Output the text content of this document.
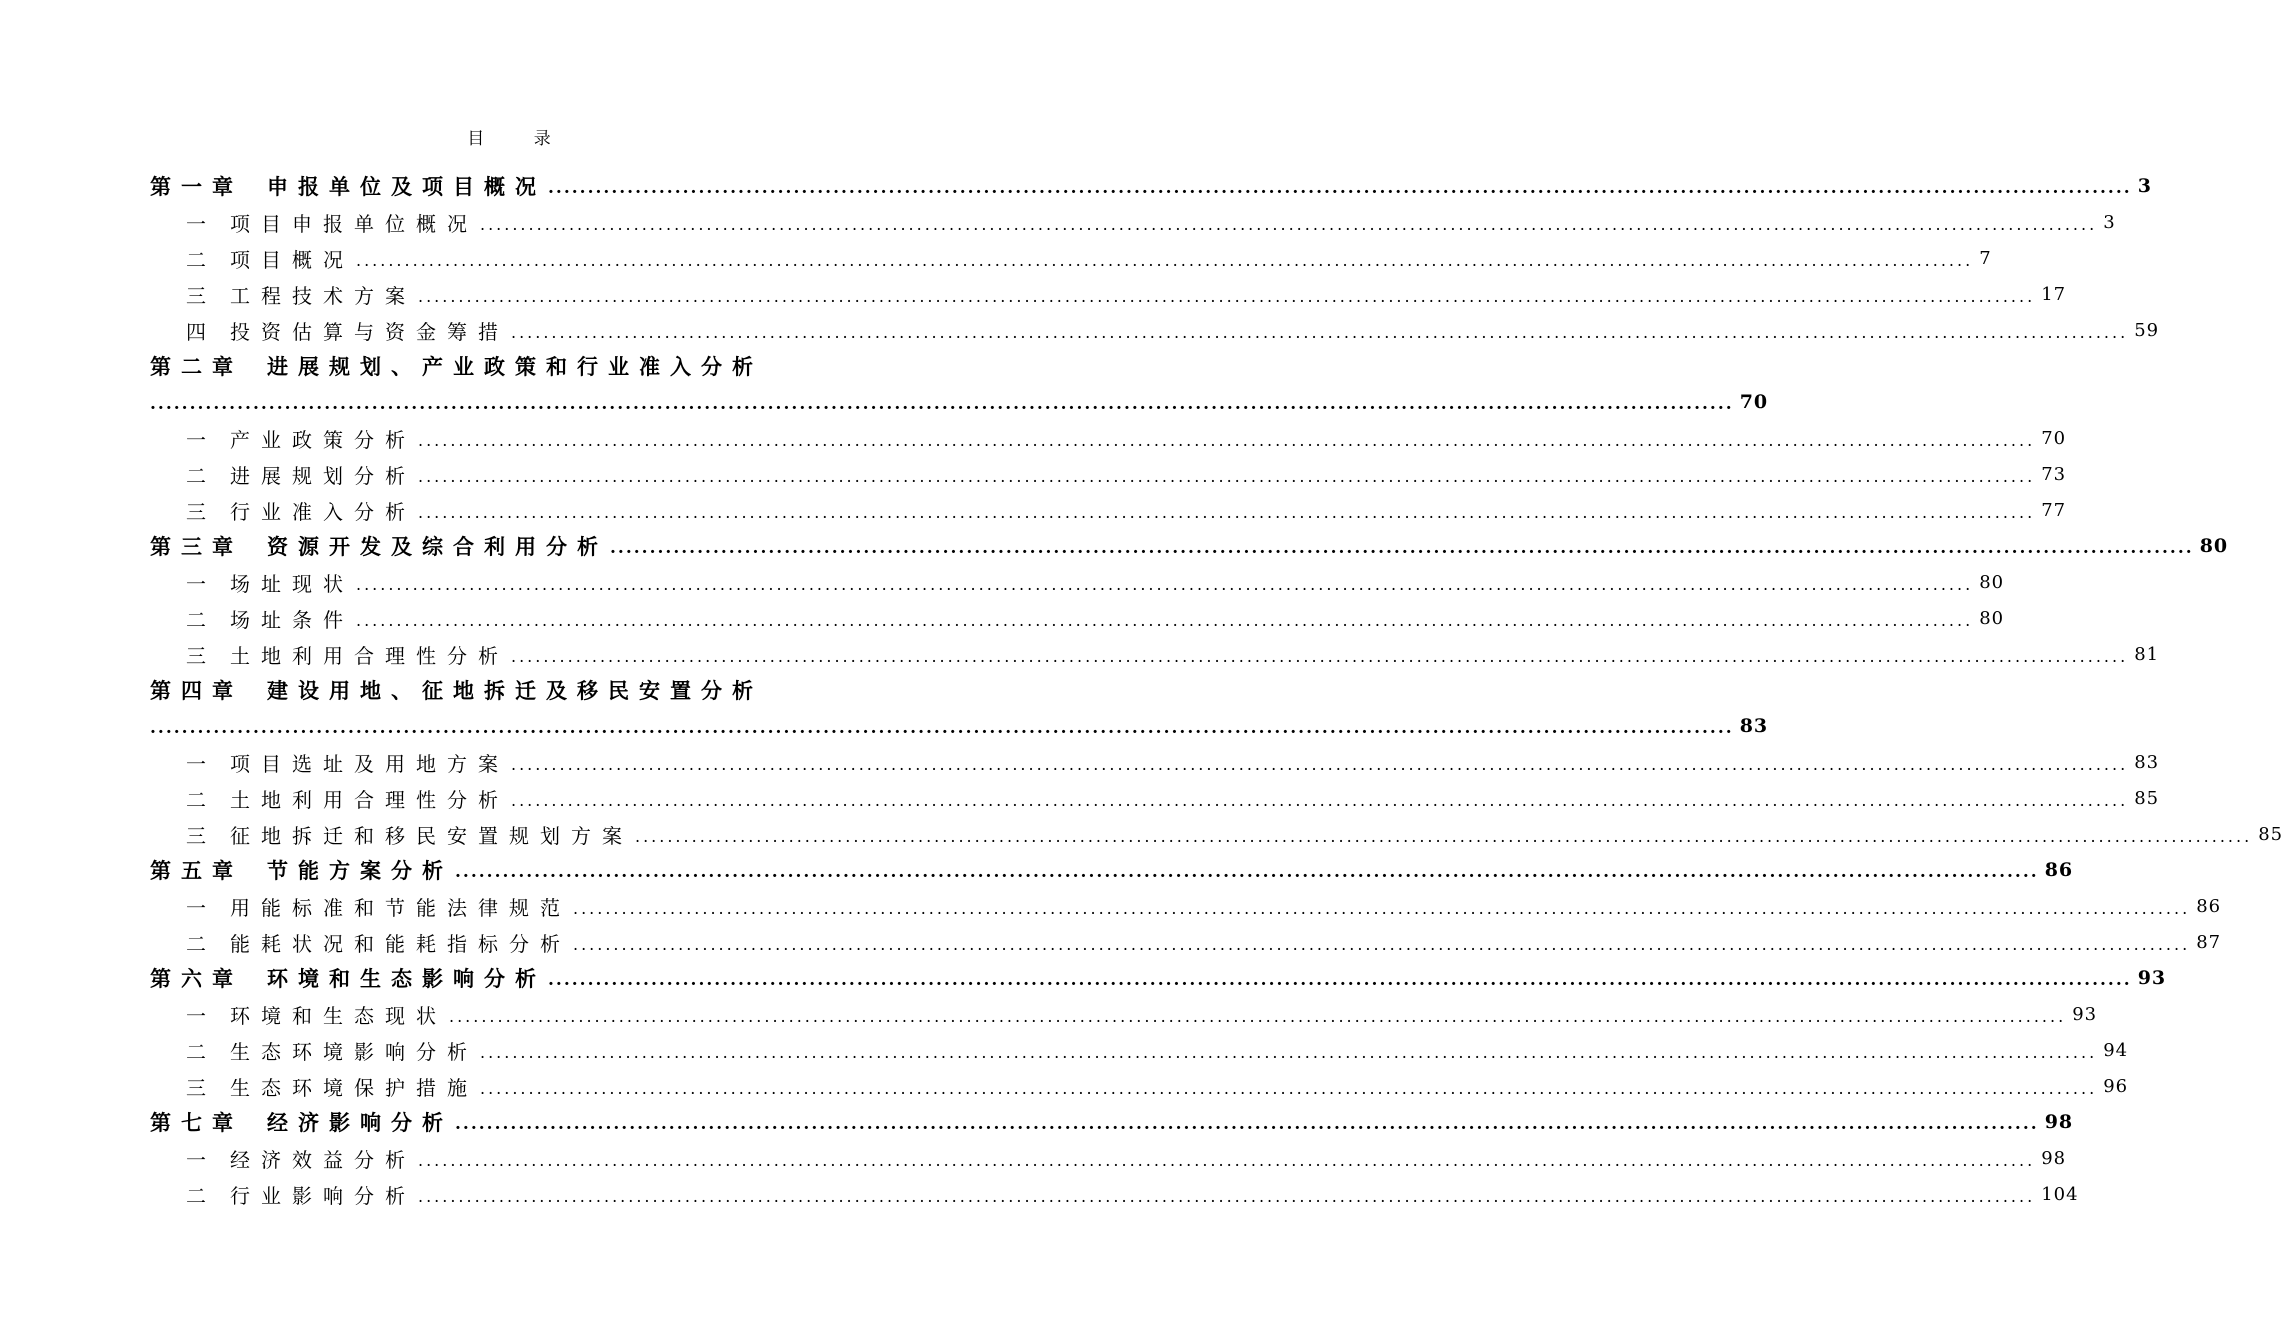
目 录
第一章 申报单位及项目概况 ........................................................................................................................................................................................................ 3
一 项目申报单位概况 ........................................................................................................................................................................................................ 3
二 项目概况 ........................................................................................................................................................................................................ 7
三 工程技术方案 ........................................................................................................................................................................................................ 17
四 投资估算与资金筹措 ........................................................................................................................................................................................................ 59
第二章 进展规划、产业政策和行业准入分析
........................................................................................................................................................................................................ 70
一 产业政策分析 ........................................................................................................................................................................................................ 70
二 进展规划分析 ........................................................................................................................................................................................................ 73
三 行业准入分析 ........................................................................................................................................................................................................ 77
第三章 资源开发及综合利用分析 ........................................................................................................................................................................................................ 80
一 场址现状 ........................................................................................................................................................................................................ 80
二 场址条件 ........................................................................................................................................................................................................ 80
三 土地利用合理性分析 ........................................................................................................................................................................................................ 81
第四章 建设用地、征地拆迁及移民安置分析
........................................................................................................................................................................................................ 83
一 项目选址及用地方案 ........................................................................................................................................................................................................ 83
二 土地利用合理性分析 ........................................................................................................................................................................................................ 85
三 征地拆迁和移民安置规划方案 ........................................................................................................................................................................................................ 85
第五章 节能方案分析 ........................................................................................................................................................................................................ 86
一 用能标准和节能法律规范 ........................................................................................................................................................................................................ 86
二 能耗状况和能耗指标分析 ........................................................................................................................................................................................................ 87
第六章 环境和生态影响分析 ........................................................................................................................................................................................................ 93
一 环境和生态现状 ........................................................................................................................................................................................................ 93
二 生态环境影响分析 ........................................................................................................................................................................................................ 94
三 生态环境保护措施 ........................................................................................................................................................................................................ 96
第七章 经济影响分析 ........................................................................................................................................................................................................ 98
一 经济效益分析 ........................................................................................................................................................................................................ 98
二 行业影响分析 ........................................................................................................................................................................................................ 104
